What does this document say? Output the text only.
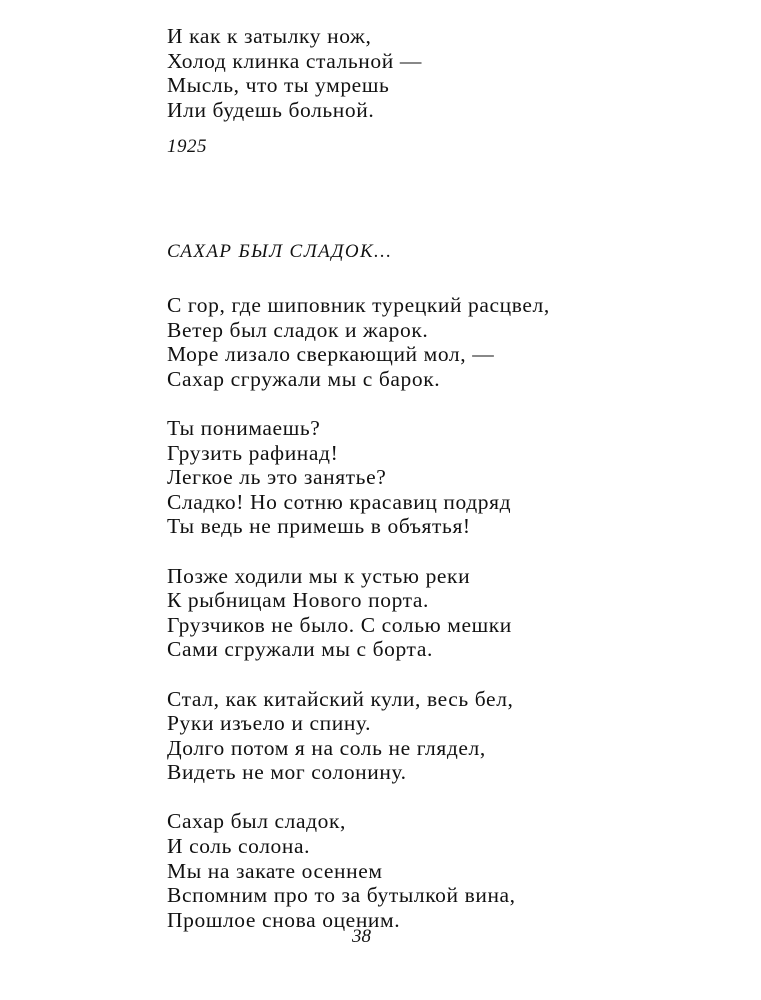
И как к затылку нож,
Холод клинка стальной —
Мысль, что ты умрешь
Или будешь больной.
1925
САХАР БЫЛ СЛАДОК...
С гор, где шиповник турецкий расцвел,
Ветер был сладок и жарок.
Море лизало сверкающий мол, —
Сахар сгружали мы с барок.
Ты понимаешь?
Грузить рафинад!
Легкое ль это занятье?
Сладко! Но сотню красавиц подряд
Ты ведь не примешь в объятья!
Позже ходили мы к устью реки
К рыбницам Нового порта.
Грузчиков не было. С солью мешки
Сами сгружали мы с борта.
Стал, как китайский кули, весь бел,
Руки изъело и спину.
Долго потом я на соль не глядел,
Видеть не мог солонину.
Сахар был сладок,
И соль солона.
Мы на закате осеннем
Вспомним про то за бутылкой вина,
Прошлое снова оценим.
38
